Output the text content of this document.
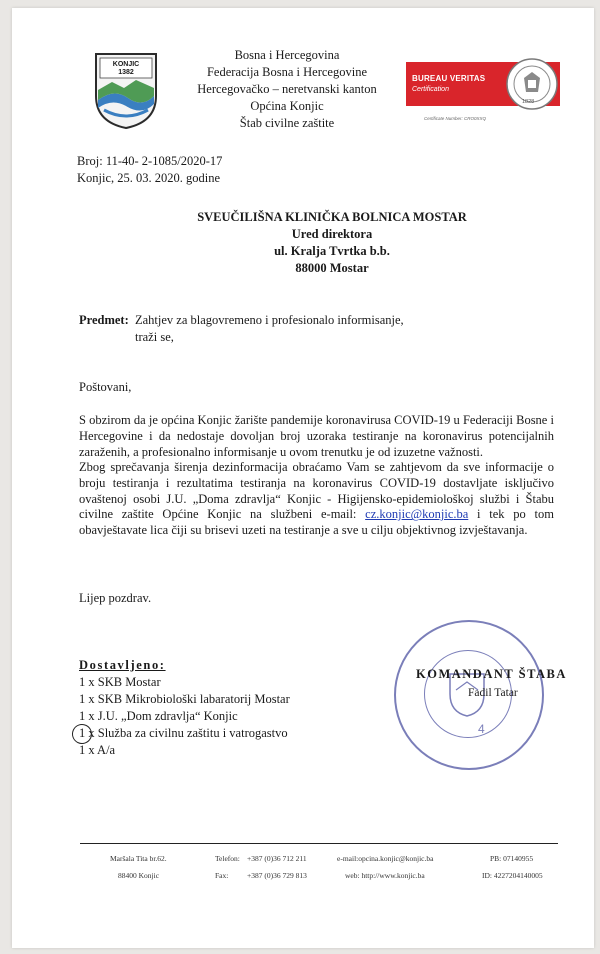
KONJIC
1382
Bosna i Hercegovina
Federacija Bosna i Hercegovine
Hercegovačko – neretvanski kanton
Općina Konjic
Štab civilne zaštite
BUREAU VERITAS
Certification
1828
Certificate Number: CRO0XXQ
Broj: 11-40- 2-1085/2020-17
Konjic, 25. 03. 2020. godine
SVEUČILIŠNA KLINIČKA BOLNICA MOSTAR
Ured direktora
ul. Kralja Tvrtka b.b.
88000 Mostar
Predmet: Zahtjev za blagovremeno i profesionalo informisanje,
traži se,
Poštovani,
S obzirom da je općina Konjic žarište pandemije koronavirusa COVID-19 u Federaciji Bosne i Hercegovine i da nedostaje dovoljan broj uzoraka testiranje na koronavirus potencijalnih zaraženih, a profesionalno informisanje u ovom trenutku je od izuzetne važnosti.
Zbog sprečavanja širenja dezinformacija obraćamo Vam se zahtjevom da sve informacije o broju testiranja i rezultatima testiranja na koronavirus COVID-19 dostavljate isključivo ovaštenoj osobi J.U. „Doma zdravlja“ Konjic - Higijensko-epidemiološkoj službi i Štabu civilne zaštite Općine Konjic na službeni e-mail: cz.konjic@konjic.ba i tek po tom obavještavate lica čiji su brisevi uzeti na testiranje a sve u cilju objektivnog izvještavanja.
Lijep pozdrav.
Dostavljeno:
1 x SKB Mostar
1 x SKB Mikrobiološki labaratorij Mostar
1 x J.U. „Dom zdravlja“ Konjic
1 x Služba za civilnu zaštitu i vatrogastvo
1 x A/a
4
KOMANDANT ŠTABA
Fadil Tatar
Maršala Tita br.62.
88400 Konjic
Telefon: +387 (0)36 712 211
Fax: +387 (0)36 729 813
e-mail:opcina.konjic@konjic.ba
web: http://www.konjic.ba
PB: 07140955
ID: 4227204140005
